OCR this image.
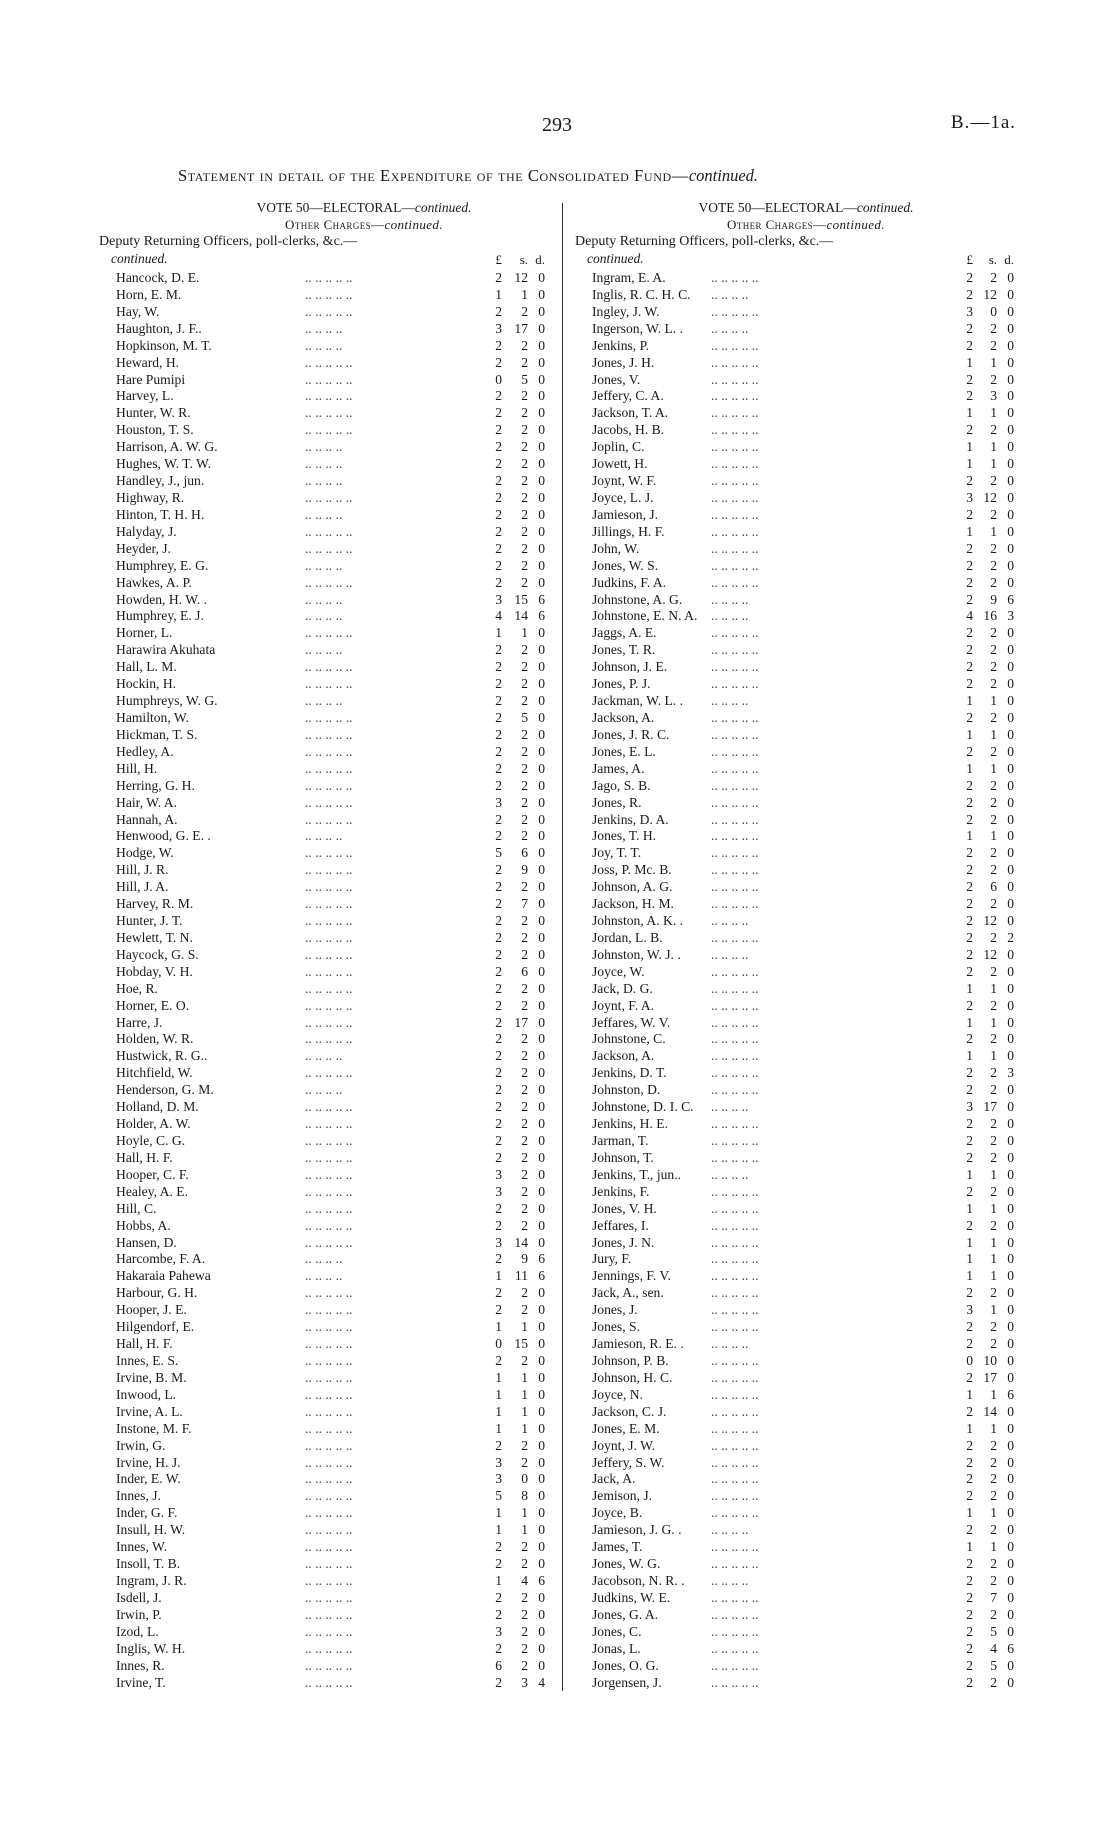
293	B.—1a.
Statement in detail of the Expenditure of the Consolidated Fund—continued.
VOTE 50—ELECTORAL—continued.
Other Charges—continued.
Deputy Returning Officers, poll-clerks, &c.—
continued.	£	s. d.
Hancock, D. E.	.. .. .. .. ..	2 12 0
Horn, E. M.	.. .. .. .. ..	1	1 0
Hay, W.	.. .. .. .. ..	2	2 0
Haughton, J. F..	.. .. .. ..	3 17 0
Hopkinson, M. T.	.. .. .. ..	2	2 0
Heward, H.	.. .. .. .. ..	2	2 0
Hare Pumipi	.. .. .. .. ..	0	5 0
Harvey, L.	.. .. .. .. ..	2	2 0
Hunter, W. R.	.. .. .. .. ..	2	2 0
Houston, T. S.	.. .. .. .. ..	2	2 0
Harrison, A. W. G.	.. .. .. ..	2	2 0
Hughes, W. T. W.	.. .. .. ..	2	2 0
Handley, J., jun.	.. .. .. ..	2	2 0
Highway, R.	.. .. .. .. ..	2	2 0
Hinton, T. H. H.	.. .. .. ..	2	2 0
Halyday, J.	.. .. .. .. ..	2	2 0
Heyder, J.	.. .. .. .. ..	2	2 0
Humphrey, E. G.	.. .. .. ..	2	2 0
Hawkes, A. P.	.. .. .. .. ..	2	2 0
Howden, H. W. .	.. .. .. ..	3 15 6
Humphrey, E. J.	.. .. .. ..	4 14 6
Horner, L.	.. .. .. .. ..	1	1 0
Harawira Akuhata	.. .. .. ..	2	2 0
Hall, L. M.	.. .. .. .. ..	2	2 0
Hockin, H.	.. .. .. .. ..	2	2 0
Humphreys, W. G.	.. .. .. ..	2	2 0
Hamilton, W.	.. .. .. .. ..	2	5 0
Hickman, T. S.	.. .. .. .. ..	2	2 0
Hedley, A.	.. .. .. .. ..	2	2 0
Hill, H.	.. .. .. .. ..	2	2 0
Herring, G. H.	.. .. .. .. ..	2	2 0
Hair, W. A.	.. .. .. .. ..	3	2 0
Hannah, A.	.. .. .. .. ..	2	2 0
Henwood, G. E. .	.. .. .. ..	2	2 0
Hodge, W.	.. .. .. .. ..	5	6 0
Hill, J. R.	.. .. .. .. ..	2	9 0
Hill, J. A.	.. .. .. .. ..	2	2 0
Harvey, R. M.	.. .. .. .. ..	2	7 0
Hunter, J. T.	.. .. .. .. ..	2	2 0
Hewlett, T. N.	.. .. .. .. ..	2	2 0
Haycock, G. S.	.. .. .. .. ..	2	2 0
Hobday, V. H.	.. .. .. .. ..	2	6 0
Hoe, R.	.. .. .. .. ..	2	2 0
Horner, E. O.	.. .. .. .. ..	2	2 0
Harre, J.	.. .. .. .. ..	2 17 0
Holden, W. R.	.. .. .. .. ..	2	2 0
Hustwick, R. G..	.. .. .. ..	2	2 0
Hitchfield, W.	.. .. .. .. ..	2	2 0
Henderson, G. M.	.. .. .. ..	2	2 0
Holland, D. M.	.. .. .. .. ..	2	2 0
Holder, A. W.	.. .. .. .. ..	2	2 0
Hoyle, C. G.	.. .. .. .. ..	2	2 0
Hall, H. F.	.. .. .. .. ..	2	2 0
Hooper, C. F.	.. .. .. .. ..	3	2 0
Healey, A. E.	.. .. .. .. ..	3	2 0
Hill, C.	.. .. .. .. ..	2	2 0
Hobbs, A.	.. .. .. .. ..	2	2 0
Hansen, D.	.. .. .. .. ..	3 14 0
Harcombe, F. A.	.. .. .. ..	2	9 6
Hakaraia Pahewa	.. .. .. ..	1 11 6
Harbour, G. H.	.. .. .. .. ..	2	2 0
Hooper, J. E.	.. .. .. .. ..	2	2 0
Hilgendorf, E.	.. .. .. .. ..	1	1 0
Hall, H. F.	.. .. .. .. ..	0 15 0
Innes, E. S.	.. .. .. .. ..	2	2 0
Irvine, B. M.	.. .. .. .. ..	1	1 0
Inwood, L.	.. .. .. .. ..	1	1 0
Irvine, A. L.	.. .. .. .. ..	1	1 0
Instone, M. F.	.. .. .. .. ..	1	1 0
Irwin, G.	.. .. .. .. ..	2	2 0
Irvine, H. J.	.. .. .. .. ..	3	2 0
Inder, E. W.	.. .. .. .. ..	3	0 0
Innes, J.	.. .. .. .. ..	5	8 0
Inder, G. F.	.. .. .. .. ..	1	1 0
Insull, H. W.	.. .. .. .. ..	1	1 0
Innes, W.	.. .. .. .. ..	2	2 0
Insoll, T. B.	.. .. .. .. ..	2	2 0
Ingram, J. R.	.. .. .. .. ..	1	4 6
Isdell, J.	.. .. .. .. ..	2	2 0
Irwin, P.	.. .. .. .. ..	2	2 0
Izod, L.	.. .. .. .. ..	3	2 0
Inglis, W. H.	.. .. .. .. ..	2	2 0
Innes, R.	.. .. .. .. ..	6	2 0
Irvine, T.	.. .. .. .. ..	2	3 4
VOTE 50—ELECTORAL—continued.
Other Charges—continued.
Deputy Returning Officers, poll-clerks, &c.—
continued.	£	s. d.
Ingram, E. A.	.. .. .. .. ..	2	2 0
Inglis, R. C. H. C. .. .. .. ..	2 12 0
Ingley, J. W.	.. .. .. .. ..	3	0 0
Ingerson, W. L. . .. .. .. ..	2	2 0
Jenkins, P.	.. .. .. .. ..	2	2 0
Jones, J. H.	.. .. .. .. ..	1	1 0
Jones, V.	.. .. .. .. ..	2	2 0
Jeffery, C. A.	.. .. .. .. ..	2	3 0
Jackson, T. A.	.. .. .. .. ..	1	1 0
Jacobs, H. B.	.. .. .. .. ..	2	2 0
Joplin, C.	.. .. .. .. ..	1	1 0
Jowett, H.	.. .. .. .. ..	1	1 0
Joynt, W. F.	.. .. .. .. ..	2	2 0
Joyce, L. J.	.. .. .. .. ..	3 12 0
Jamieson, J.	.. .. .. .. ..	2	2 0
Jillings, H. F.	.. .. .. .. ..	1	1 0
John, W.	.. .. .. .. ..	2	2 0
Jones, W. S.	.. .. .. .. ..	2	2 0
Judkins, F. A.	.. .. .. .. ..	2	2 0
Johnstone, A. G. .. .. .. ..	2	9 6
Johnstone, E. N. A. .. .. .. ..	4 16 3
Jaggs, A. E.	.. .. .. .. ..	2	2 0
Jones, T. R.	.. .. .. .. ..	2	2 0
Johnson, J. E.	.. .. .. .. ..	2	2 0
Jones, P. J.	.. .. .. .. ..	2	2 0
Jackman, W. L. . .. .. .. ..	1	1 0
Jackson, A.	.. .. .. .. ..	2	2 0
Jones, J. R. C.	.. .. .. .. ..	1	1 0
Jones, E. L.	.. .. .. .. ..	2	2 0
James, A.	.. .. .. .. ..	1	1 0
Jago, S. B.	.. .. .. .. ..	2	2 0
Jones, R.	.. .. .. .. ..	2	2 0
Jenkins, D. A.	.. .. .. .. ..	2	2 0
Jones, T. H.	.. .. .. .. ..	1	1 0
Joy, T. T.	.. .. .. .. ..	2	2 0
Joss, P. Mc. B.	.. .. .. .. ..	2	2 0
Johnson, A. G.	.. .. .. .. ..	2	6 0
Jackson, H. M.	.. .. .. .. ..	2	2 0
Johnston, A. K. . .. .. .. ..	2 12 0
Jordan, L. B.	.. .. .. .. ..	2	2 2
Johnston, W. J. . .. .. .. ..	2 12 0
Joyce, W.	.. .. .. .. ..	2	2 0
Jack, D. G.	.. .. .. .. ..	1	1 0
Joynt, F. A.	.. .. .. .. ..	2	2 0
Jeffares, W. V.	.. .. .. .. ..	1	1 0
Johnstone, C.	.. .. .. .. ..	2	2 0
Jackson, A.	.. .. .. .. ..	1	1 0
Jenkins, D. T.	.. .. .. .. ..	2	2 3
Johnston, D.	.. .. .. .. ..	2	2 0
Johnstone, D. I. C. .. .. .. ..	3 17 0
Jenkins, H. E.	.. .. .. .. ..	2	2 0
Jarman, T.	.. .. .. .. ..	2	2 0
Johnson, T.	.. .. .. .. ..	2	2 0
Jenkins, T., jun.. .. .. .. ..	1	1 0
Jenkins, F.	.. .. .. .. ..	2	2 0
Jones, V. H.	.. .. .. .. ..	1	1 0
Jeffares, I.	.. .. .. .. ..	2	2 0
Jones, J. N.	.. .. .. .. ..	1	1 0
Jury, F.	.. .. .. .. ..	1	1 0
Jennings, F. V.	.. .. .. .. ..	1	1 0
Jack, A., sen.	.. .. .. .. ..	2	2 0
Jones, J.	.. .. .. .. ..	3	1 0
Jones, S.	.. .. .. .. ..	2	2 0
Jamieson, R. E. . .. .. .. ..	2	2 0
Johnson, P. B.	.. .. .. .. ..	0 10 0
Johnson, H. C.	.. .. .. .. ..	2 17 0
Joyce, N.	.. .. .. .. ..	1	1 6
Jackson, C. J.	.. .. .. .. ..	2 14 0
Jones, E. M.	.. .. .. .. ..	1	1 0
Joynt, J. W.	.. .. .. .. ..	2	2 0
Jeffery, S. W.	.. .. .. .. ..	2	2 0
Jack, A.	.. .. .. .. ..	2	2 0
Jemison, J.	.. .. .. .. ..	2	2 0
Joyce, B.	.. .. .. .. ..	1	1 0
Jamieson, J. G. . .. .. .. ..	2	2 0
James, T.	.. .. .. .. ..	1	1 0
Jones, W. G.	.. .. .. .. ..	2	2 0
Jacobson, N. R. . .. .. .. ..	2	2 0
Judkins, W. E.	.. .. .. .. ..	2	7 0
Jones, G. A.	.. .. .. .. ..	2	2 0
Jones, C.	.. .. .. .. ..	2	5 0
Jonas, L.	.. .. .. .. ..	2	4 6
Jones, O. G.	.. .. .. .. ..	2	5 0
Jorgensen, J.	.. .. .. .. ..	2	2 0
